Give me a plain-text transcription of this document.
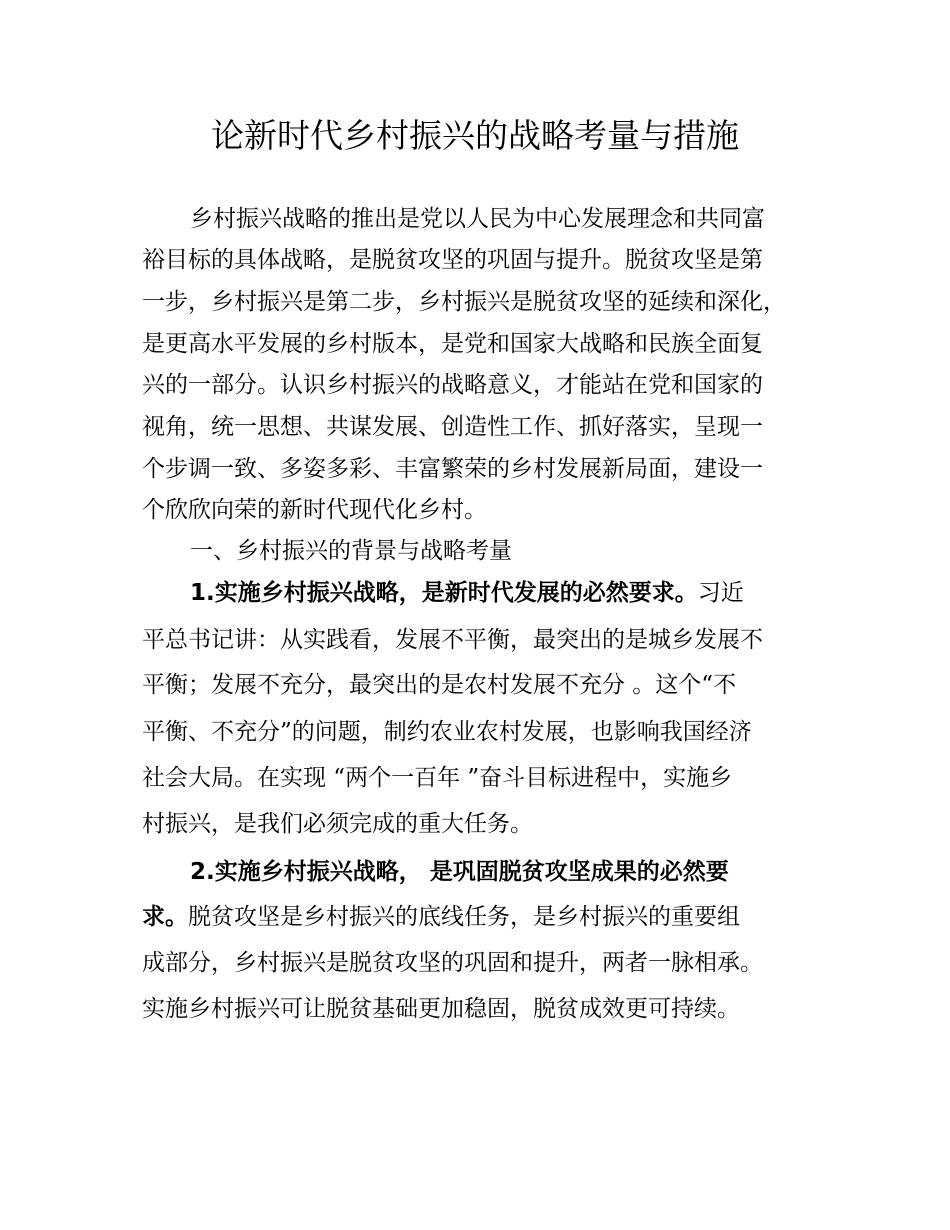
论新时代乡村振兴的战略考量与措施
乡村振兴战略的推出是党以人民为中心发展理念和共同富
裕目标的具体战略，是脱贫攻坚的巩固与提升。脱贫攻坚是第
一步，乡村振兴是第二步，乡村振兴是脱贫攻坚的延续和深化，
是更高水平发展的乡村版本，是党和国家大战略和民族全面复
兴的一部分。认识乡村振兴的战略意义，才能站在党和国家的
视角，统一思想、共谋发展、创造性工作、抓好落实，呈现一
个步调一致、多姿多彩、丰富繁荣的乡村发展新局面，建设一
个欣欣向荣的新时代现代化乡村。
一、乡村振兴的背景与战略考量
1.实施乡村振兴战略，是新时代发展的必然要求。习近
平总书记讲：从实践看，发展不平衡，最突出的是城乡发展不
平衡；发展不充分，最突出的是农村发展不充分 。这个“不
平衡、不充分”的问题，制约农业农村发展，也影响我国经济
社会大局。在实现 “两个一百年 ”奋斗目标进程中，实施乡
村振兴，是我们必须完成的重大任务。
2.实施乡村振兴战略， 是巩固脱贫攻坚成果的必然要
求。脱贫攻坚是乡村振兴的底线任务，是乡村振兴的重要组
成部分，乡村振兴是脱贫攻坚的巩固和提升，两者一脉相承。
实施乡村振兴可让脱贫基础更加稳固，脱贫成效更可持续。
